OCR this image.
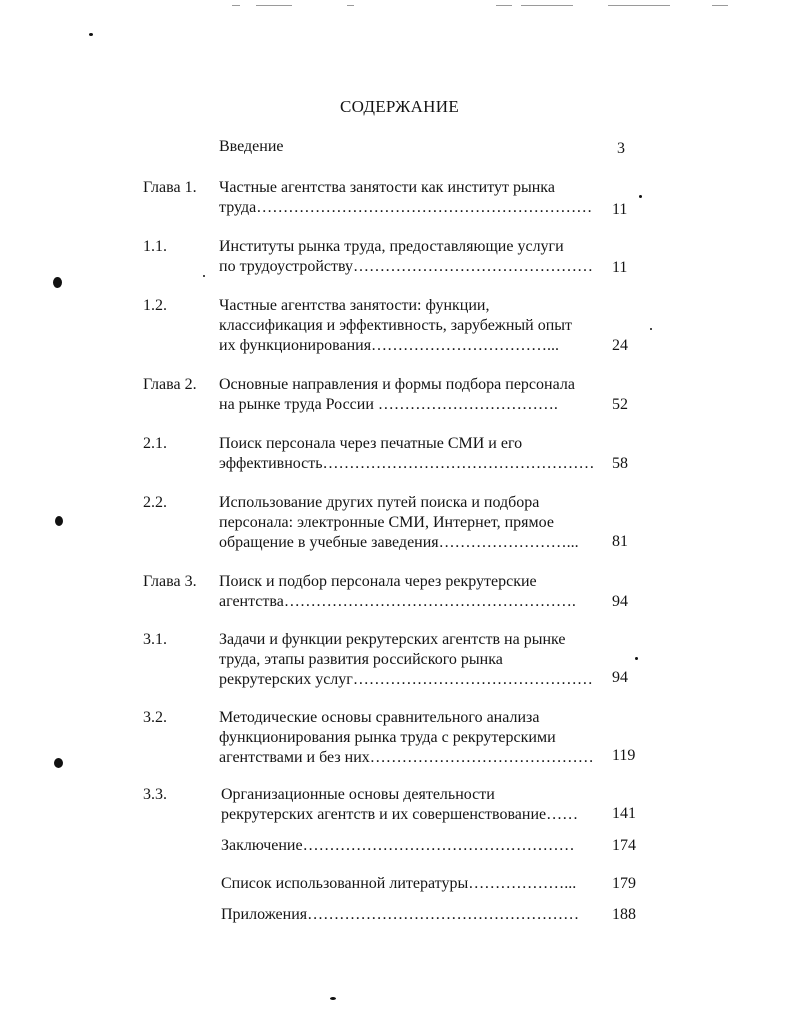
СОДЕРЖАНИЕ
Введение	3
Глава 1. Частные агентства занятости как институт рынка
труда………………………………………………………	11
1.1.	Институты рынка труда, предоставляющие услуги
по трудоустройству………………………………………	11
1.2.	Частные агентства занятости: функции,
классификация и эффективность, зарубежный опыт
их функционирования……………………………...	24
Глава 2. Основные направления и формы подбора персонала
на рынке труда России …………………………….	52
2.1.	Поиск персонала через печатные СМИ и его
эффективность……………………………………………	58
2.2.	Использование других путей поиска и подбора
персонала: электронные СМИ, Интернет, прямое
обращение в учебные заведения……………………...	81
Глава 3. Поиск и подбор персонала через рекрутерские
агентства……………………………………………….	94
3.1.	Задачи и функции рекрутерских агентств на рынке
труда, этапы развития российского рынка
рекрутерских услуг………………………………………	94
3.2.	Методические основы сравнительного анализа
функционирования рынка труда с рекрутерскими
агентствами и без них……………………………………	119
3.3.	Организационные основы деятельности
рекрутерских агентств и их совершенствование……	141
Заключение……………………………………………	174
Список использованной литературы………………...	179
Приложения……………………………………………	188
